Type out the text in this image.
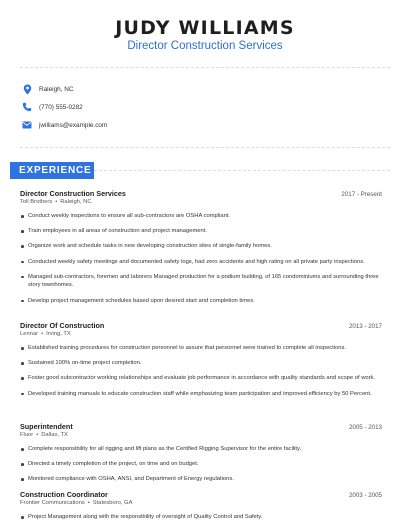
JUDY WILLIAMS
Director Construction Services
Raleigh, NC
(770) 555-0282
jwilliams@example.com
EXPERIENCE
Director Construction Services	2017 - Present
Toll Brothers • Raleigh, NC
Conduct weekly inspections to ensure all sub-contractors are OSHA compliant.
Train employees in all areas of construction and project management.
Organize work and schedule tasks in new developing construction sites of single-family homes.
Conducted weekly safety meetings and documented safety logs, had zero accidents and high rating on all private party inspections.
Managed sub-contractors, foremen and laborers Managed production for a podium building, of 165 condominiums and surrounding three story townhomes.
Develop project management schedules based upon desired start and completion times.
Director Of Construction	2013 - 2017
Lennar • Irving, TX
Established training procedures for construction personnel to assure that personnel were trained to complete all inspections.
Sustained 100% on-time project completion.
Foster good subcontractor working relationships and evaluate job performance in accordance with quality standards and scope of work.
Developed training manuals to educate construction staff while emphasizing team participation and improved efficiency by 50 Percent.
Superintendent	2005 - 2013
Fluor • Dallas, TX
Complete responsibility for all rigging and lift plans as the Certified Rigging Supervisor for the entire facility.
Directed a timely completion of the project, on time and on budget.
Monitored compliance with OSHA, ANSI, and Department of Energy regulations.
Construction Coordinator	2003 - 2005
Frontier Communications • Statesboro, GA
Project Management along with the responsibility of oversight of Quality Control and Safety.
